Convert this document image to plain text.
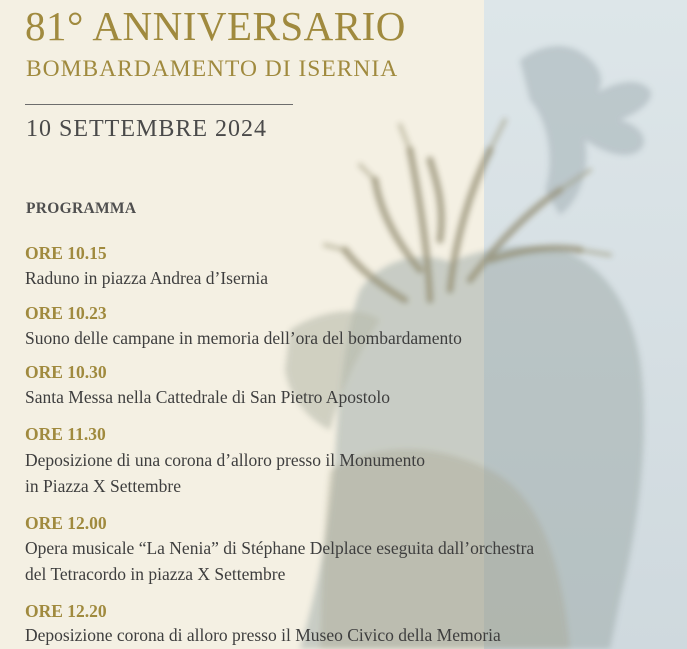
81° ANNIVERSARIO
BOMBARDAMENTO DI ISERNIA
10 SETTEMBRE 2024
PROGRAMMA
ORE 10.15
Raduno in piazza Andrea d’Isernia
ORE 10.23
Suono delle campane in memoria dell’ora del bombardamento
ORE 10.30
Santa Messa nella Cattedrale di San Pietro Apostolo
ORE 11.30
Deposizione di una corona d’alloro presso il Monumento
in Piazza X Settembre
ORE 12.00
Opera musicale “La Nenia” di Stéphane Delplace eseguita dall’orchestra
del Tetracordo in piazza X Settembre
ORE 12.20
Deposizione corona di alloro presso il Museo Civico della Memoria
